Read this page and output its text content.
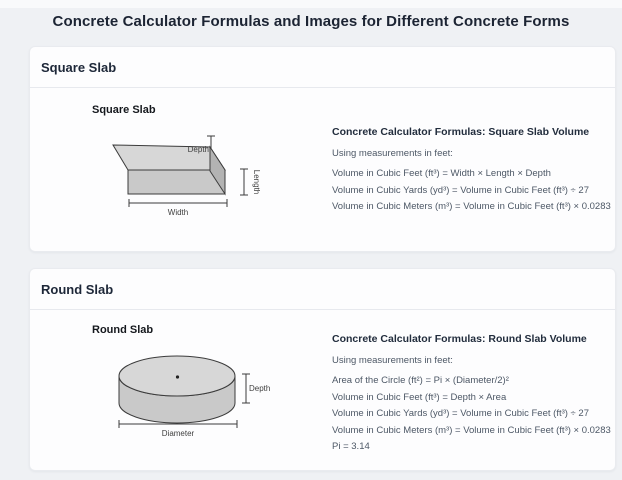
Concrete Calculator Formulas and Images for Different Concrete Forms
Square Slab
Square Slab
Depth
Length
Width
Concrete Calculator Formulas: Square Slab Volume

Using measurements in feet:

Volume in Cubic Feet (ft³) = Width × Length × Depth

Volume in Cubic Yards (yd³) = Volume in Cubic Feet (ft³) ÷ 27

Volume in Cubic Meters (m³) = Volume in Cubic Feet (ft³) × 0.0283

Round Slab
Round Slab
Depth
Diameter
Concrete Calculator Formulas: Round Slab Volume

Using measurements in feet:

Area of the Circle (ft²) = Pi × (Diameter/2)²

Volume in Cubic Feet (ft³) = Depth × Area

Volume in Cubic Yards (yd³) = Volume in Cubic Feet (ft³) ÷ 27

Volume in Cubic Meters (m³) = Volume in Cubic Feet (ft³) × 0.0283

Pi = 3.14
